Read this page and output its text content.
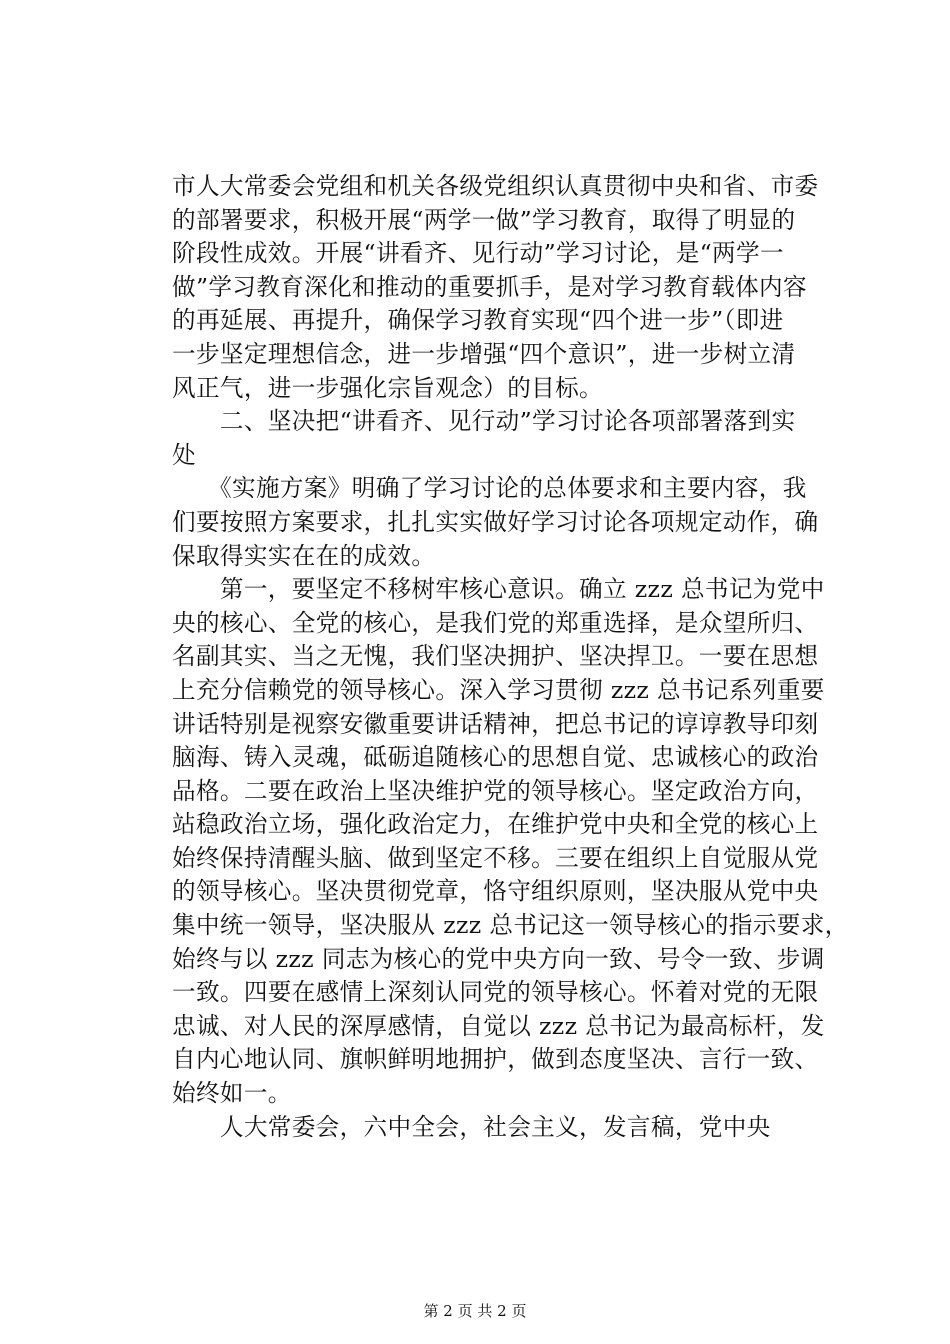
市人大常委会党组和机关各级党组织认真贯彻中央和省、市委
的部署要求，积极开展“两学一做”学习教育，取得了明显的
阶段性成效。开展“讲看齐、见行动”学习讨论，是“两学一
做”学习教育深化和推动的重要抓手，是对学习教育载体内容
的再延展、再提升，确保学习教育实现“四个进一步”（即进
一步坚定理想信念，进一步增强“四个意识”，进一步树立清
风正气，进一步强化宗旨观念）的目标。
　　二、坚决把“讲看齐、见行动”学习讨论各项部署落到实
处
　　《实施方案》明确了学习讨论的总体要求和主要内容，我
们要按照方案要求，扎扎实实做好学习讨论各项规定动作，确
保取得实实在在的成效。
　　第一，要坚定不移树牢核心意识。确立 zzz 总书记为党中
央的核心、全党的核心，是我们党的郑重选择，是众望所归、
名副其实、当之无愧，我们坚决拥护、坚决捍卫。一要在思想
上充分信赖党的领导核心。深入学习贯彻 zzz 总书记系列重要
讲话特别是视察安徽重要讲话精神，把总书记的谆谆教导印刻
脑海、铸入灵魂，砥砺追随核心的思想自觉、忠诚核心的政治
品格。二要在政治上坚决维护党的领导核心。坚定政治方向，
站稳政治立场，强化政治定力，在维护党中央和全党的核心上
始终保持清醒头脑、做到坚定不移。三要在组织上自觉服从党
的领导核心。坚决贯彻党章，恪守组织原则，坚决服从党中央
集中统一领导，坚决服从 zzz 总书记这一领导核心的指示要求，
始终与以 zzz 同志为核心的党中央方向一致、号令一致、步调
一致。四要在感情上深刻认同党的领导核心。怀着对党的无限
忠诚、对人民的深厚感情，自觉以 zzz 总书记为最高标杆，发
自内心地认同、旗帜鲜明地拥护，做到态度坚决、言行一致、
始终如一。
　　人大常委会，六中全会，社会主义，发言稿，党中央
第 2 页 共 2 页
